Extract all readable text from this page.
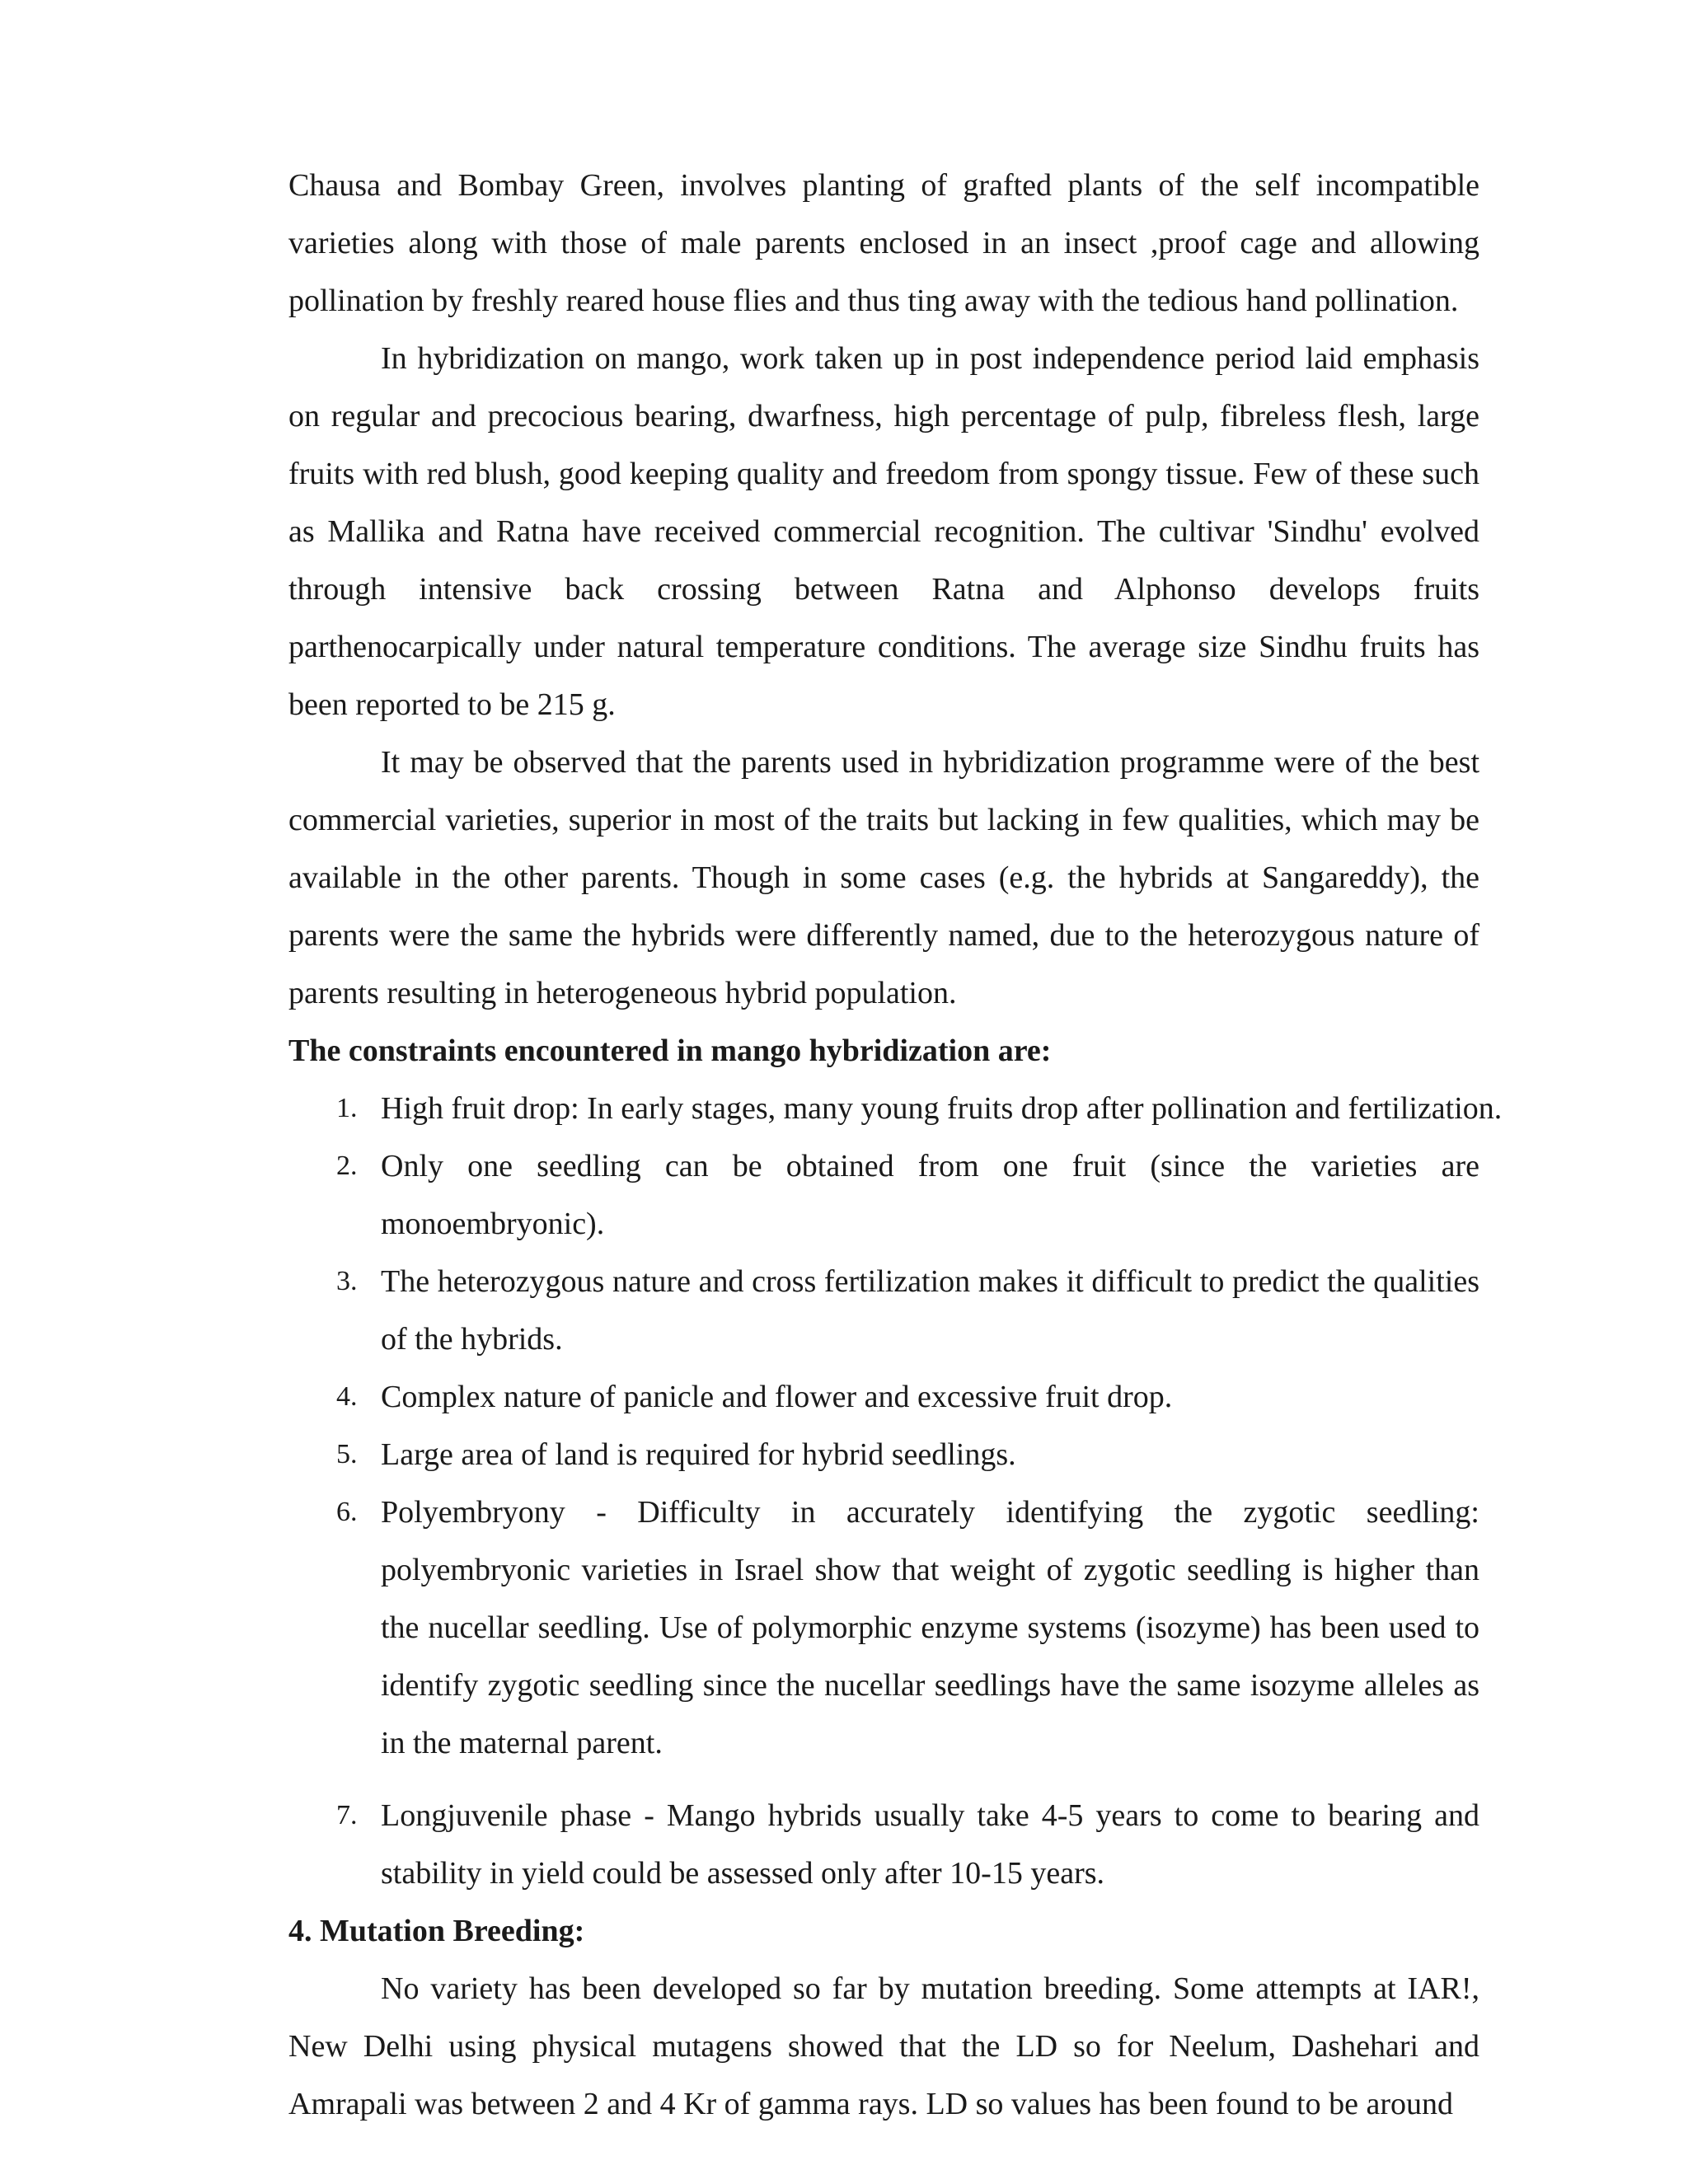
Chausa and Bombay Green, involves planting of grafted plants of the self incompatible varieties along with those of male parents enclosed in an insect ,proof cage and allowing pollination by freshly reared house flies and thus ting away with the tedious hand pollination.

In hybridization on mango, work taken up in post independence period laid emphasis on regular and precocious bearing, dwarfness, high percentage of pulp, fibreless flesh, large fruits with red blush, good keeping quality and freedom from spongy tissue. Few of these such as Mallika and Ratna have received commercial recognition. The cultivar 'Sindhu' evolved through intensive back crossing between Ratna and Alphonso develops fruits parthenocarpically under natural temperature conditions. The average size Sindhu fruits has been reported to be 215 g.

It may be observed that the parents used in hybridization programme were of the best commercial varieties, superior in most of the traits but lacking in few qualities, which may be available in the other parents. Though in some cases (e.g. the hybrids at Sangareddy), the parents were the same the hybrids were differently named, due to the heterozygous nature of parents resulting in heterogeneous hybrid population.

The constraints encountered in mango hybridization are:

1. High fruit drop: In early stages, many young fruits drop after pollination and fertilization.
2. Only one seedling can be obtained from one fruit (since the varieties are monoembryonic).
3. The heterozygous nature and cross fertilization makes it difficult to predict the qualities of the hybrids.
4. Complex nature of panicle and flower and excessive fruit drop.
5. Large area of land is required for hybrid seedlings.
6. Polyembryony - Difficulty in accurately identifying the zygotic seedling: polyembryonic varieties in Israel show that weight of zygotic seedling is higher than the nucellar seedling. Use of polymorphic enzyme systems (isozyme) has been used to identify zygotic seedling since the nucellar seedlings have the same isozyme alleles as in the maternal parent.
7. Longjuvenile phase - Mango hybrids usually take 4-5 years to come to bearing and stability in yield could be assessed only after 10-15 years.

4. Mutation Breeding:

No variety has been developed so far by mutation breeding. Some attempts at IAR!, New Delhi using physical mutagens showed that the LD so for Neelum, Dashehari and Amrapali was between 2 and 4 Kr of gamma rays. LD so values has been found to be around
